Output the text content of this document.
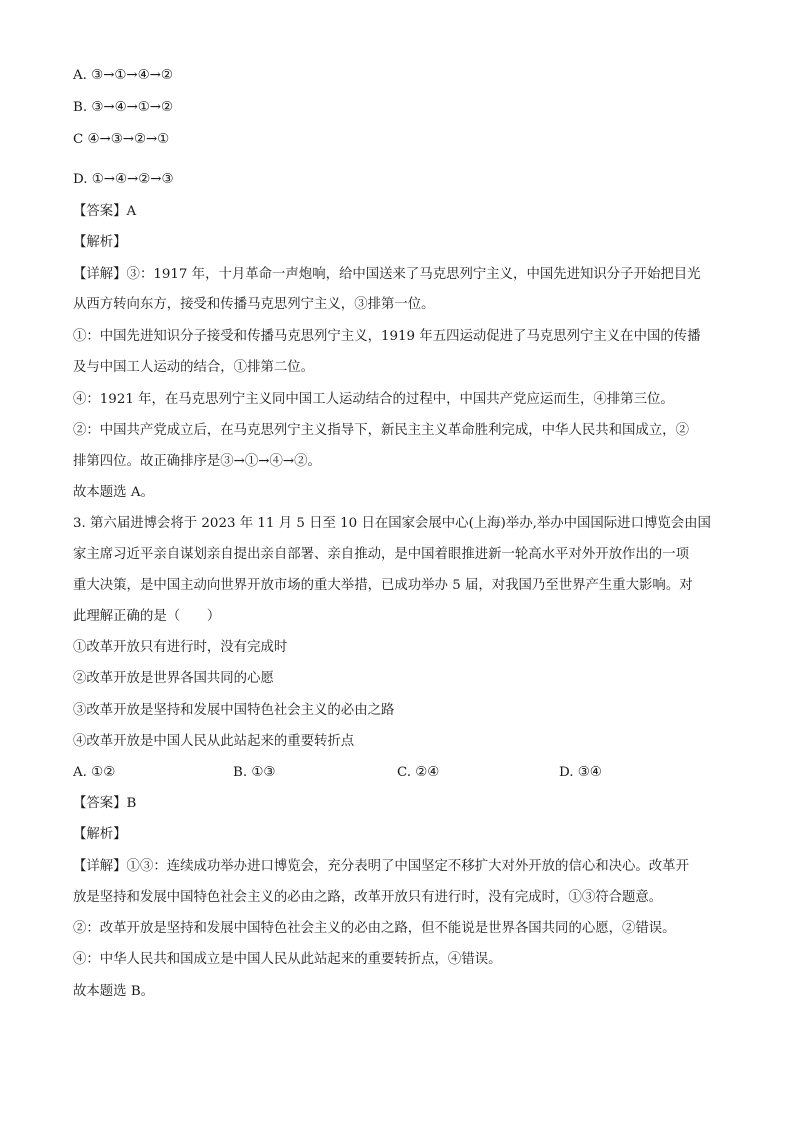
A. ③→①→④→②
B. ③→④→①→②
C ④→③→②→①
D. ①→④→②→③
【答案】A
【解析】
【详解】③：1917 年，十月革命一声炮响，给中国送来了马克思列宁主义，中国先进知识分子开始把目光
从西方转向东方，接受和传播马克思列宁主义，③排第一位。
①：中国先进知识分子接受和传播马克思列宁主义，1919 年五四运动促进了马克思列宁主义在中国的传播
及与中国工人运动的结合，①排第二位。
④：1921 年，在马克思列宁主义同中国工人运动结合的过程中，中国共产党应运而生，④排第三位。
②：中国共产党成立后，在马克思列宁主义指导下，新民主主义革命胜利完成，中华人民共和国成立，②
排第四位。故正确排序是③→①→④→②。
故本题选 A。
3. 第六届进博会将于 2023 年 11 月 5 日至 10 日在国家会展中心(上海)举办,举办中国国际进口博览会由国
家主席习近平亲自谋划亲自提出亲自部署、亲自推动，是中国着眼推进新一轮高水平对外开放作出的一项
重大决策，是中国主动向世界开放市场的重大举措，已成功举办 5 届，对我国乃至世界产生重大影响。对
此理解正确的是（　　）
①改革开放只有进行时，没有完成时
②改革开放是世界各国共同的心愿
③改革开放是坚持和发展中国特色社会主义的必由之路
④改革开放是中国人民从此站起来的重要转折点
A. ①②	B. ①③	C. ②④	D. ③④
【答案】B
【解析】
【详解】①③：连续成功举办进口博览会，充分表明了中国坚定不移扩大对外开放的信心和决心。改革开
放是坚持和发展中国特色社会主义的必由之路，改革开放只有进行时，没有完成时，①③符合题意。
②：改革开放是坚持和发展中国特色社会主义的必由之路，但不能说是世界各国共同的心愿，②错误。
④：中华人民共和国成立是中国人民从此站起来的重要转折点，④错误。
故本题选 B。
